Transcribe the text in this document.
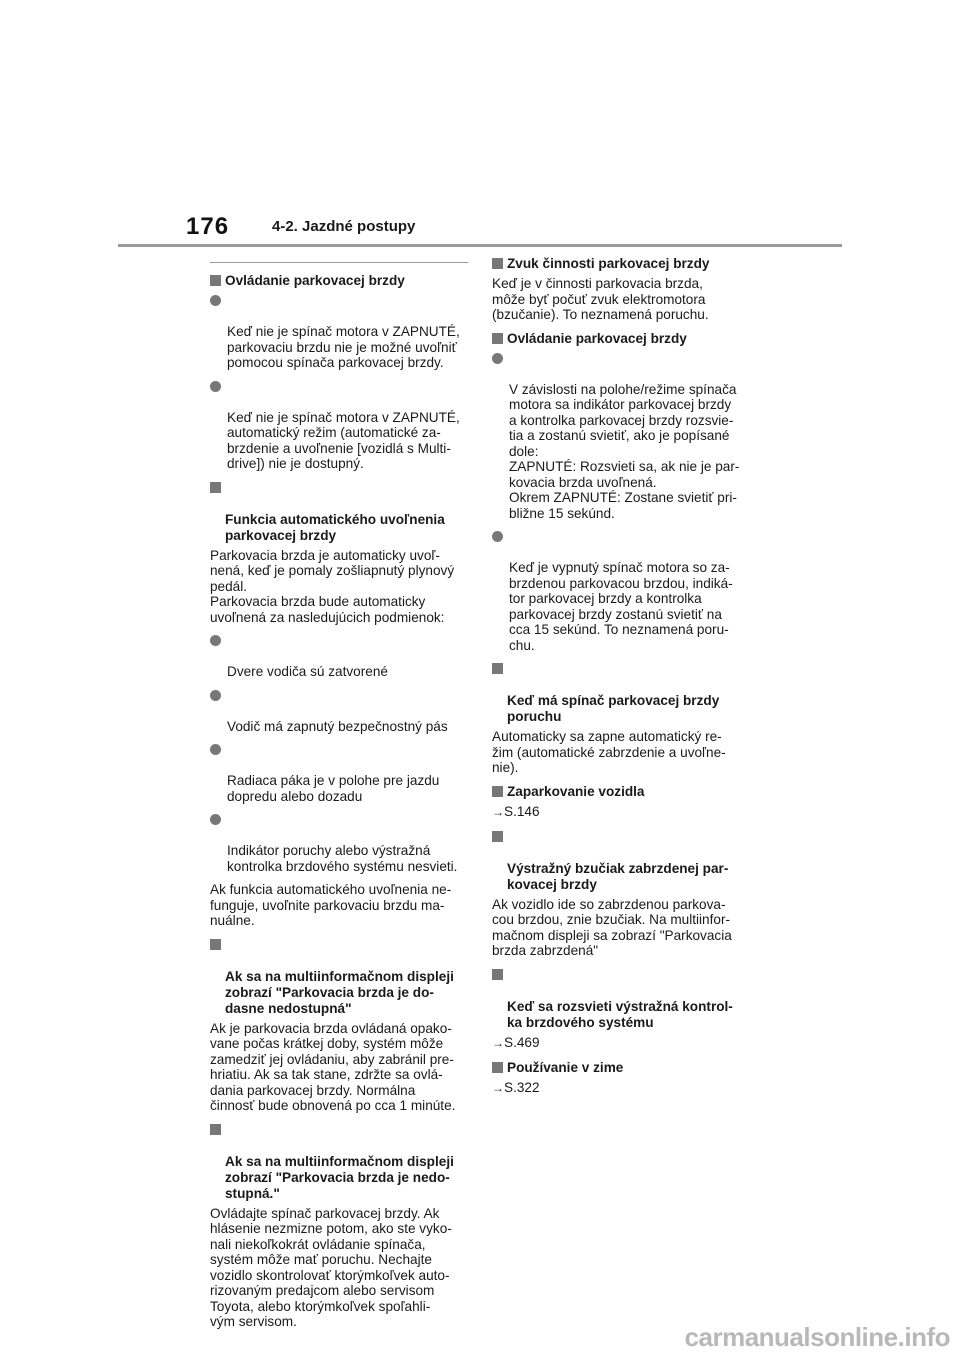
176	4-2. Jazdné postupy
Ovládanie parkovacej brzdy

Keď nie je spínač motora v ZAPNUTÉ,
parkovaciu brzdu nie je možné uvoľniť
pomocou spínača parkovacej brzdy.

Keď nie je spínač motora v ZAPNUTÉ,
automatický režim (automatické za-
brzdenie a uvoľnenie [vozidlá s Multi-
drive]) nie je dostupný.

Funkcia automatického uvoľnenia
parkovacej brzdy

Parkovacia brzda je automaticky uvoľ-
nená, keď je pomaly zošliapnutý plynový
pedál.
Parkovacia brzda bude automaticky
uvoľnená za nasledujúcich podmienok:

Dvere vodiča sú zatvorené

Vodič má zapnutý bezpečnostný pás

Radiaca páka je v polohe pre jazdu
dopredu alebo dozadu

Indikátor poruchy alebo výstražná
kontrolka brzdového systému nesvieti.

Ak funkcia automatického uvoľnenia ne-
funguje, uvoľnite parkovaciu brzdu ma-
nuálne.

Ak sa na multiinformačnom displeji
zobrazí "Parkovacia brzda je do-
dasne nedostupná"

Ak je parkovacia brzda ovládaná opako-
vane počas krátkej doby, systém môže
zamedziť jej ovládaniu, aby zabránil pre-
hriatiu. Ak sa tak stane, zdržte sa ovlá-
dania parkovacej brzdy. Normálna
činnosť bude obnovená po cca 1 minúte.

Ak sa na multiinformačnom displeji
zobrazí "Parkovacia brzda je nedo-
stupná."

Ovládajte spínač parkovacej brzdy. Ak
hlásenie nezmizne potom, ako ste vyko-
nali niekoľkokrát ovládanie spínača,
systém môže mať poruchu. Nechajte
vozidlo skontrolovať ktorýmkoľvek auto-
rizovaným predajcom alebo servisom
Toyota, alebo ktorýmkoľvek spoľahli-
vým servisom.
Zvuk činnosti parkovacej brzdy
Keď je v činnosti parkovacia brzda,
môže byť počuť zvuk elektromotora
(bzučanie). To neznamená poruchu.
Ovládanie parkovacej brzdy

V závislosti na polohe/režime spínača
motora sa indikátor parkovacej brzdy
a kontrolka parkovacej brzdy rozsvie-
tia a zostanú svietiť, ako je popísané
dole:
ZAPNUTÉ: Rozsvieti sa, ak nie je par-
kovacia brzda uvoľnená.
Okrem ZAPNUTÉ: Zostane svietiť pri-
bližne 15 sekúnd.

Keď je vypnutý spínač motora so za-
brzdenou parkovacou brzdou, indiká-
tor parkovacej brzdy a kontrolka
parkovacej brzdy zostanú svietiť na
cca 15 sekúnd. To neznamená poru-
chu.

Keď má spínač parkovacej brzdy
poruchu

Automaticky sa zapne automatický re-
žim (automatické zabrzdenie a uvoľne-
nie).
Zaparkovanie vozidla
→S.146

Výstražný bzučiak zabrzdenej par-
kovacej brzdy

Ak vozidlo ide so zabrzdenou parkova-
cou brzdou, znie bzučiak. Na multiinfor-
mačnom displeji sa zobrazí "Parkovacia
brzda zabrzdená"

Keď sa rozsvieti výstražná kontrol-
ka brzdového systému

→S.469
Používanie v zime
→S.322
carmanualsonline.info
